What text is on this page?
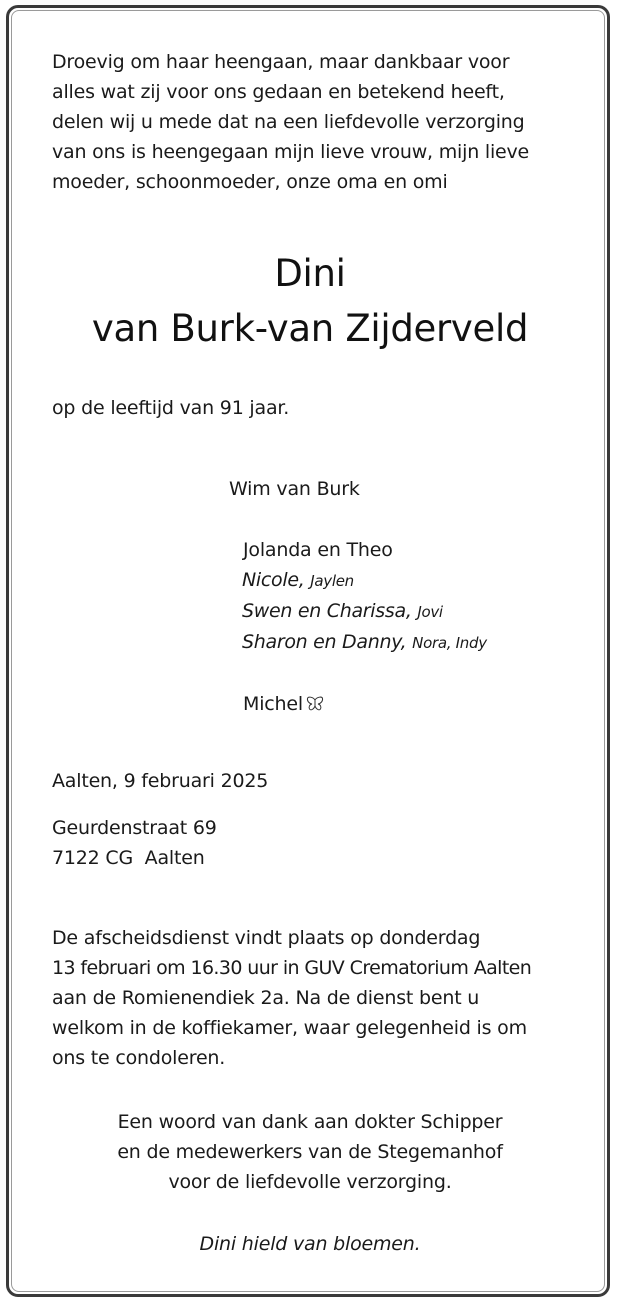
Droevig om haar heengaan, maar dankbaar voor
alles wat zij voor ons gedaan en betekend heeft,
delen wij u mede dat na een liefdevolle verzorging
van ons is heengegaan mijn lieve vrouw, mijn lieve
moeder, schoonmoeder, onze oma en omi
Dini
van Burk-van Zijderveld
op de leeftijd van 91 jaar.
Wim van Burk
Jolanda en Theo
Nicole, Jaylen
Swen en Charissa, Jovi
Sharon en Danny, Nora, Indy
Michel
Aalten, 9 februari 2025
Geurdenstraat 69
7122 CG  Aalten
De afscheidsdienst vindt plaats op donderdag
13 februari om 16.30 uur in GUV Crematorium Aalten
aan de Romienendiek 2a. Na de dienst bent u
welkom in de koffiekamer, waar gelegenheid is om
ons te condoleren.
Een woord van dank aan dokter Schipper
en de medewerkers van de Stegemanhof
voor de liefdevolle verzorging.
Dini hield van bloemen.
